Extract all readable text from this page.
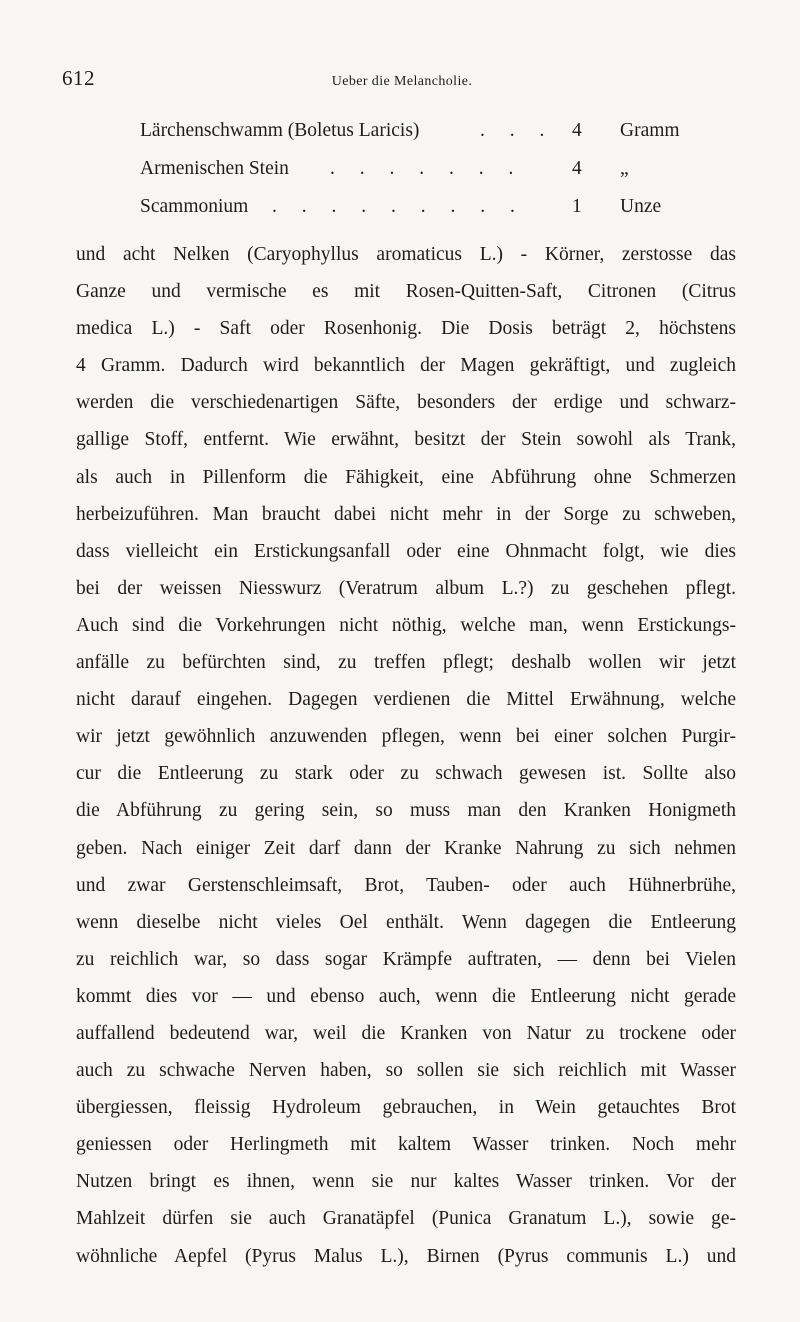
612	Ueber die Melancholie.
Lärchenschwamm (Boletus Laricis)	. . . 4 Gramm
Armenischen Stein . . . . . . . 4 „
Scammonium . . . . . . . . . 1 Unze
und acht Nelken (Caryophyllus aromaticus L.) - Körner, zerstosse das
Ganze und vermische es mit Rosen-Quitten-Saft, Citronen (Citrus
medica L.) - Saft oder Rosenhonig. Die Dosis beträgt 2, höchstens
4 Gramm. Dadurch wird bekanntlich der Magen gekräftigt, und zugleich
werden die verschiedenartigen Säfte, besonders der erdige und schwarz-
gallige Stoff, entfernt. Wie erwähnt, besitzt der Stein sowohl als Trank,
als auch in Pillenform die Fähigkeit, eine Abführung ohne Schmerzen
herbeizuführen. Man braucht dabei nicht mehr in der Sorge zu schweben,
dass vielleicht ein Erstickungsanfall oder eine Ohnmacht folgt, wie dies
bei der weissen Niesswurz (Veratrum album L.?) zu geschehen pflegt.
Auch sind die Vorkehrungen nicht nöthig, welche man, wenn Erstickungs-
anfälle zu befürchten sind, zu treffen pflegt; deshalb wollen wir jetzt
nicht darauf eingehen. Dagegen verdienen die Mittel Erwähnung, welche
wir jetzt gewöhnlich anzuwenden pflegen, wenn bei einer solchen Purgir-
cur die Entleerung zu stark oder zu schwach gewesen ist. Sollte also
die Abführung zu gering sein, so muss man den Kranken Honigmeth
geben. Nach einiger Zeit darf dann der Kranke Nahrung zu sich nehmen
und zwar Gerstenschleimsaft, Brot, Tauben- oder auch Hühnerbrühe,
wenn dieselbe nicht vieles Oel enthält. Wenn dagegen die Entleerung
zu reichlich war, so dass sogar Krämpfe auftraten, — denn bei Vielen
kommt dies vor — und ebenso auch, wenn die Entleerung nicht gerade
auffallend bedeutend war, weil die Kranken von Natur zu trockene oder
auch zu schwache Nerven haben, so sollen sie sich reichlich mit Wasser
übergiessen, fleissig Hydroleum gebrauchen, in Wein getauchtes Brot
geniessen oder Herlingmeth mit kaltem Wasser trinken. Noch mehr
Nutzen bringt es ihnen, wenn sie nur kaltes Wasser trinken. Vor der
Mahlzeit dürfen sie auch Granatäpfel (Punica Granatum L.), sowie ge-
wöhnliche Aepfel (Pyrus Malus L.), Birnen (Pyrus communis L.) und
